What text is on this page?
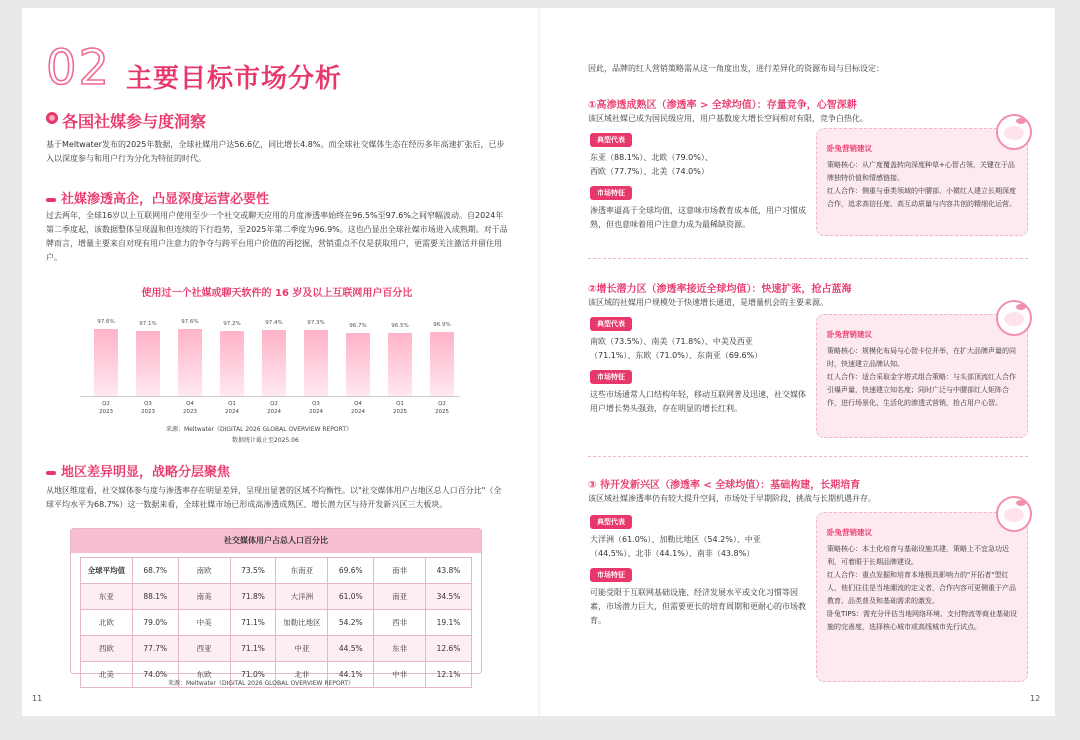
02 主要目标市场分析
各国社媒参与度洞察
基于Meltwater发布的2025年数据，全球社媒用户达56.6亿，同比增长4.8%。而全球社交媒体生态在经历多年高速扩张后，已步入以深度参与和用户行为分化为特征的时代。
社媒渗透高企，凸显深度运营必要性
过去两年，全球16岁以上互联网用户使用至少一个社交或聊天应用的月度渗透率始终在96.5%至97.6%之间窄幅波动。自2024年第二季度起，该数据整体呈现温和但连续的下行趋势，至2025年第二季度为96.9%。这也凸显出全球社媒市场进入成熟期。对于品牌而言，增量主要来自对现有用户注意力的争夺与跨平台用户价值的再挖掘，营销重点不仅是获取用户，更需要关注激活并留住用户。
使用过一个社媒或聊天软件的 16 岁及以上互联网用户百分比
97.6%
Q2
2023
97.1%
Q3
2023
97.6%
Q4
2023
97.2%
Q1
2024
97.4%
Q2
2024
97.3%
Q3
2024
96.7%
Q4
2024
96.5%
Q1
2025
96.9%
Q2
2025
来源：Meltwater《DIGITAL 2026 GLOBAL OVERVIEW REPORT》
数据统计截止至2025.06
地区差异明显，战略分层聚焦
从地区维度看，社交媒体参与度与渗透率存在明显差异，呈现出显著的区域不均衡性。以"社交媒体用户占地区总人口百分比"（全球平均水平为68.7%）这一数据来看，全球社媒市场已形成高渗透成熟区、增长潜力区与待开发新兴区三大板块。
社交媒体用户占总人口百分比
全球平均值	68.7%	南欧	73.5%	东南亚	69.6%	南非	43.8%
东亚	88.1%	南美	71.8%	大洋洲	61.0%	南亚	34.5%
北欧	79.0%	中美	71.1%	加勒比地区	54.2%	西非	19.1%
西欧	77.7%	西亚	71.1%	中亚	44.5%	东非	12.6%
北美	74.0%	东欧	71.0%	北非	44.1%	中非	12.1%
来源：Meltwater《DIGITAL 2026 GLOBAL OVERVIEW REPORT》
11
因此，品牌的红人营销策略需从这一角度出发，进行差异化的资源布局与目标设定：
①高渗透成熟区（渗透率 > 全球均值）：存量竞争，心智深耕
该区域社媒已成为国民级应用，用户基数庞大增长空间相对有限，竞争白热化。
典型代表
东亚（88.1%）、北欧（79.0%）、
西欧（77.7%）、北美（74.0%）
市场特征
渗透率逼高于全球均值，这意味市场教育成本低，用户习惯成熟，但也意味着用户注意力成为最稀缺资源。
卧兔营销建议
策略核心：从广度覆盖转向深度种草+心智占领，关键在于品牌独特价值和情感链接。
红人合作：侧重与垂类领域的中腰部、小微红人建立长期深度合作，追求高信任度、高互动质量与内容共创的精细化运营。
②增长潜力区（渗透率接近全球均值）：快速扩张，抢占蓝海
该区域的社媒用户规模处于快速增长通道，是增量机会的主要来源。
典型代表
南欧（73.5%）、南美（71.8%）、中美及西亚
（71.1%）、东欧（71.0%）、东南亚（69.6%）
市场特征
这些市场通常人口结构年轻，移动互联网普及迅速，社交媒体用户增长势头强劲，存在明显的增长红利。
卧兔营销建议
策略核心：规模化布局与心智卡位并举，在扩大品牌声量的同时，快速建立品牌认知。
红人合作：适合采取金字塔式组合策略：与头部顶流红人合作引爆声量，快速建立知名度；同时广泛与中腰部红人矩阵合作，进行场景化、生活化的渗透式营销，抢占用户心智。
③ 待开发新兴区（渗透率 < 全球均值）：基础构建，长期培育
该区域社媒渗透率仍有较大提升空间，市场处于早期阶段，挑战与长期机遇并存。
典型代表
大洋洲（61.0%）、加勒比地区（54.2%）、中亚
（44.5%）、北非（44.1%）、南非（43.8%）
市场特征
可能受限于互联网基础设施、经济发展水平或文化习惯等因素，市场潜力巨大，但需要更长的培育周期和更耐心的市场教育。
卧兔营销建议
策略核心：本土化培育与基础设施共建，策略上不宜急功近利，可着眼于长期品牌建设。
红人合作：重点发掘和培育本地极具影响力的"开拓者"型红人，他们往往是当地潮流的定义者，合作内容可更侧重于产品教育、品类普及和基础需求的激发。
卧兔TIPS：需充分评估当地网络环境、支付物流等商业基础设施的完善度，选择核心城市或高线城市先行试点。
12
